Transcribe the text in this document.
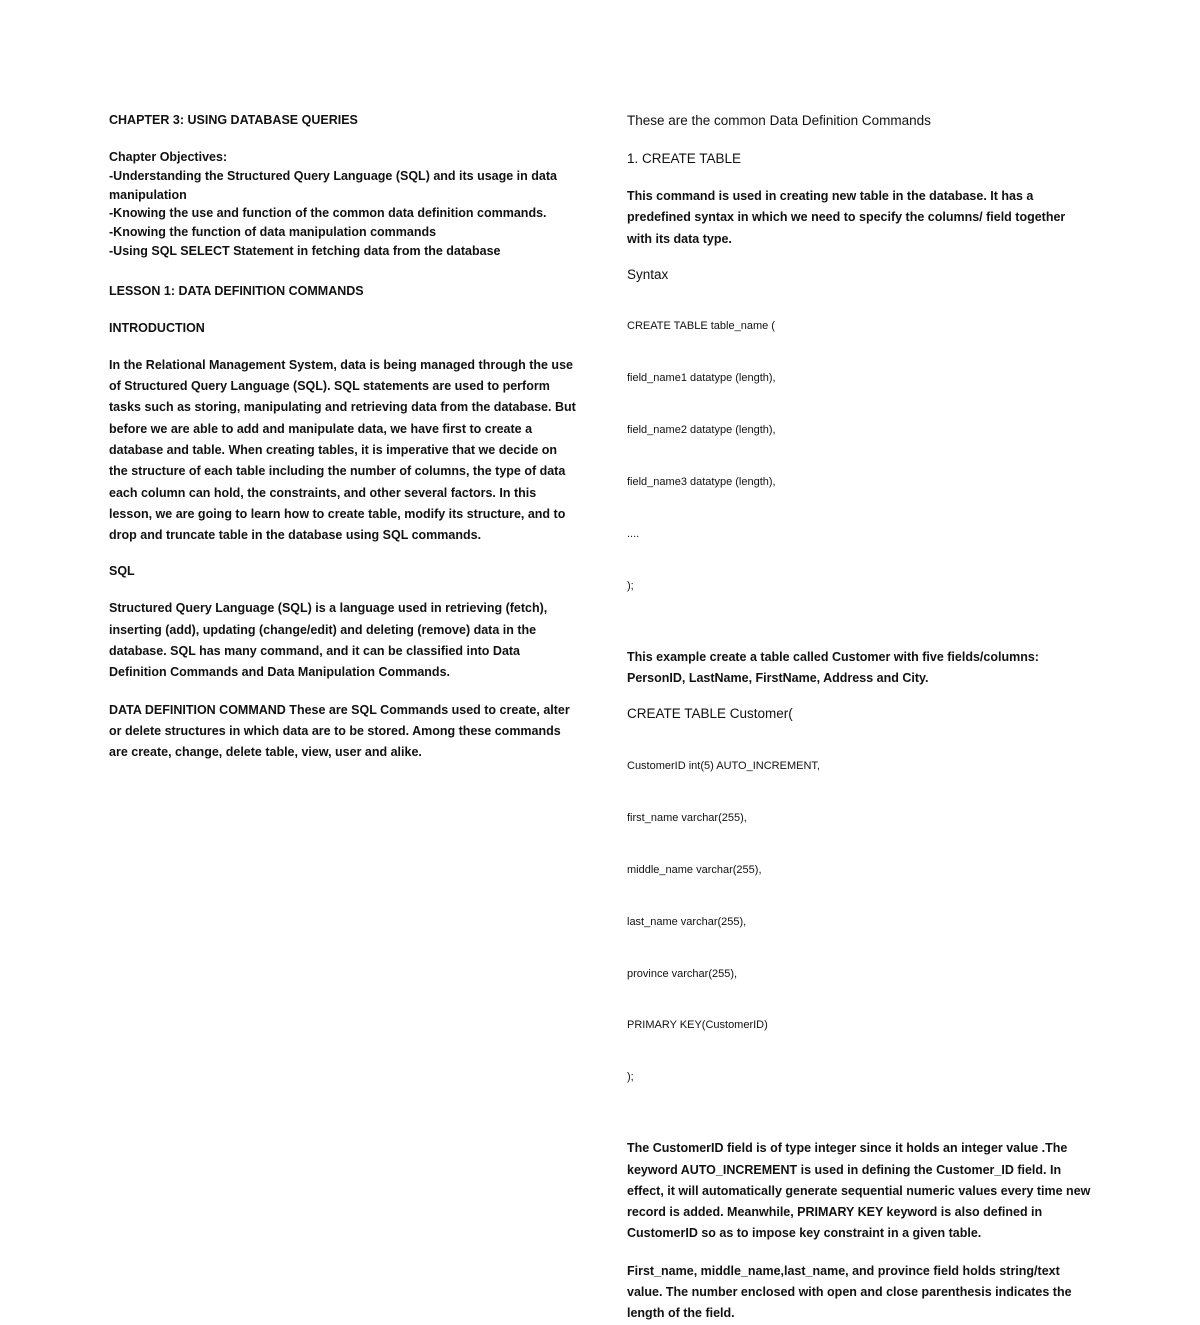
CHAPTER 3: USING DATABASE QUERIES

Chapter Objectives:
-Understanding the Structured Query Language (SQL) and its usage in data manipulation
-Knowing the use and function of the common data definition commands.
-Knowing the function of data manipulation commands
-Using SQL SELECT Statement in fetching data from the database

LESSON 1: DATA DEFINITION COMMANDS

INTRODUCTION

In the Relational Management System, data is being managed through the use of Structured Query Language (SQL). SQL statements are used to perform tasks such as storing, manipulating and retrieving data from the database. But before we are able to add and manipulate data, we have first to create a database and table. When creating tables, it is imperative that we decide on the structure of each table including the number of columns, the type of data each column can hold, the constraints, and other several factors. In this lesson, we are going to learn how to create table, modify its structure, and to drop and truncate table in the database using SQL commands.

SQL

Structured Query Language (SQL) is a language used in retrieving (fetch), inserting (add), updating (change/edit) and deleting (remove) data in the database. SQL has many command, and it can be classified into Data Definition Commands and Data Manipulation Commands.

DATA DEFINITION COMMAND These are SQL Commands used to create, alter or delete structures in which data are to be stored. Among these commands are create, change, delete table, view, user and alike.

These are the common Data Definition Commands

1. CREATE TABLE

This command is used in creating new table in the database. It has a predefined syntax in which we need to specify the columns/ field together with its data type.

Syntax

CREATE TABLE table_name (

field_name1 datatype (length),

field_name2 datatype (length),

field_name3 datatype (length),

....

);

This example create a table called Customer with five fields/columns: PersonID, LastName, FirstName, Address and City.

CREATE TABLE Customer(

CustomerID int(5) AUTO_INCREMENT,

first_name varchar(255),

middle_name varchar(255),

last_name varchar(255),

province varchar(255),

PRIMARY KEY(CustomerID)

);

The CustomerID field is of type integer since it holds an integer value .The keyword AUTO_INCREMENT is used in defining the Customer_ID field. In effect, it will automatically generate sequential numeric values every time new record is added. Meanwhile, PRIMARY KEY keyword is also defined in CustomerID so as to impose key constraint in a given table.

First_name, middle_name,last_name, and province field holds string/text value. The number enclosed with open and close parenthesis indicates the length of the field.
